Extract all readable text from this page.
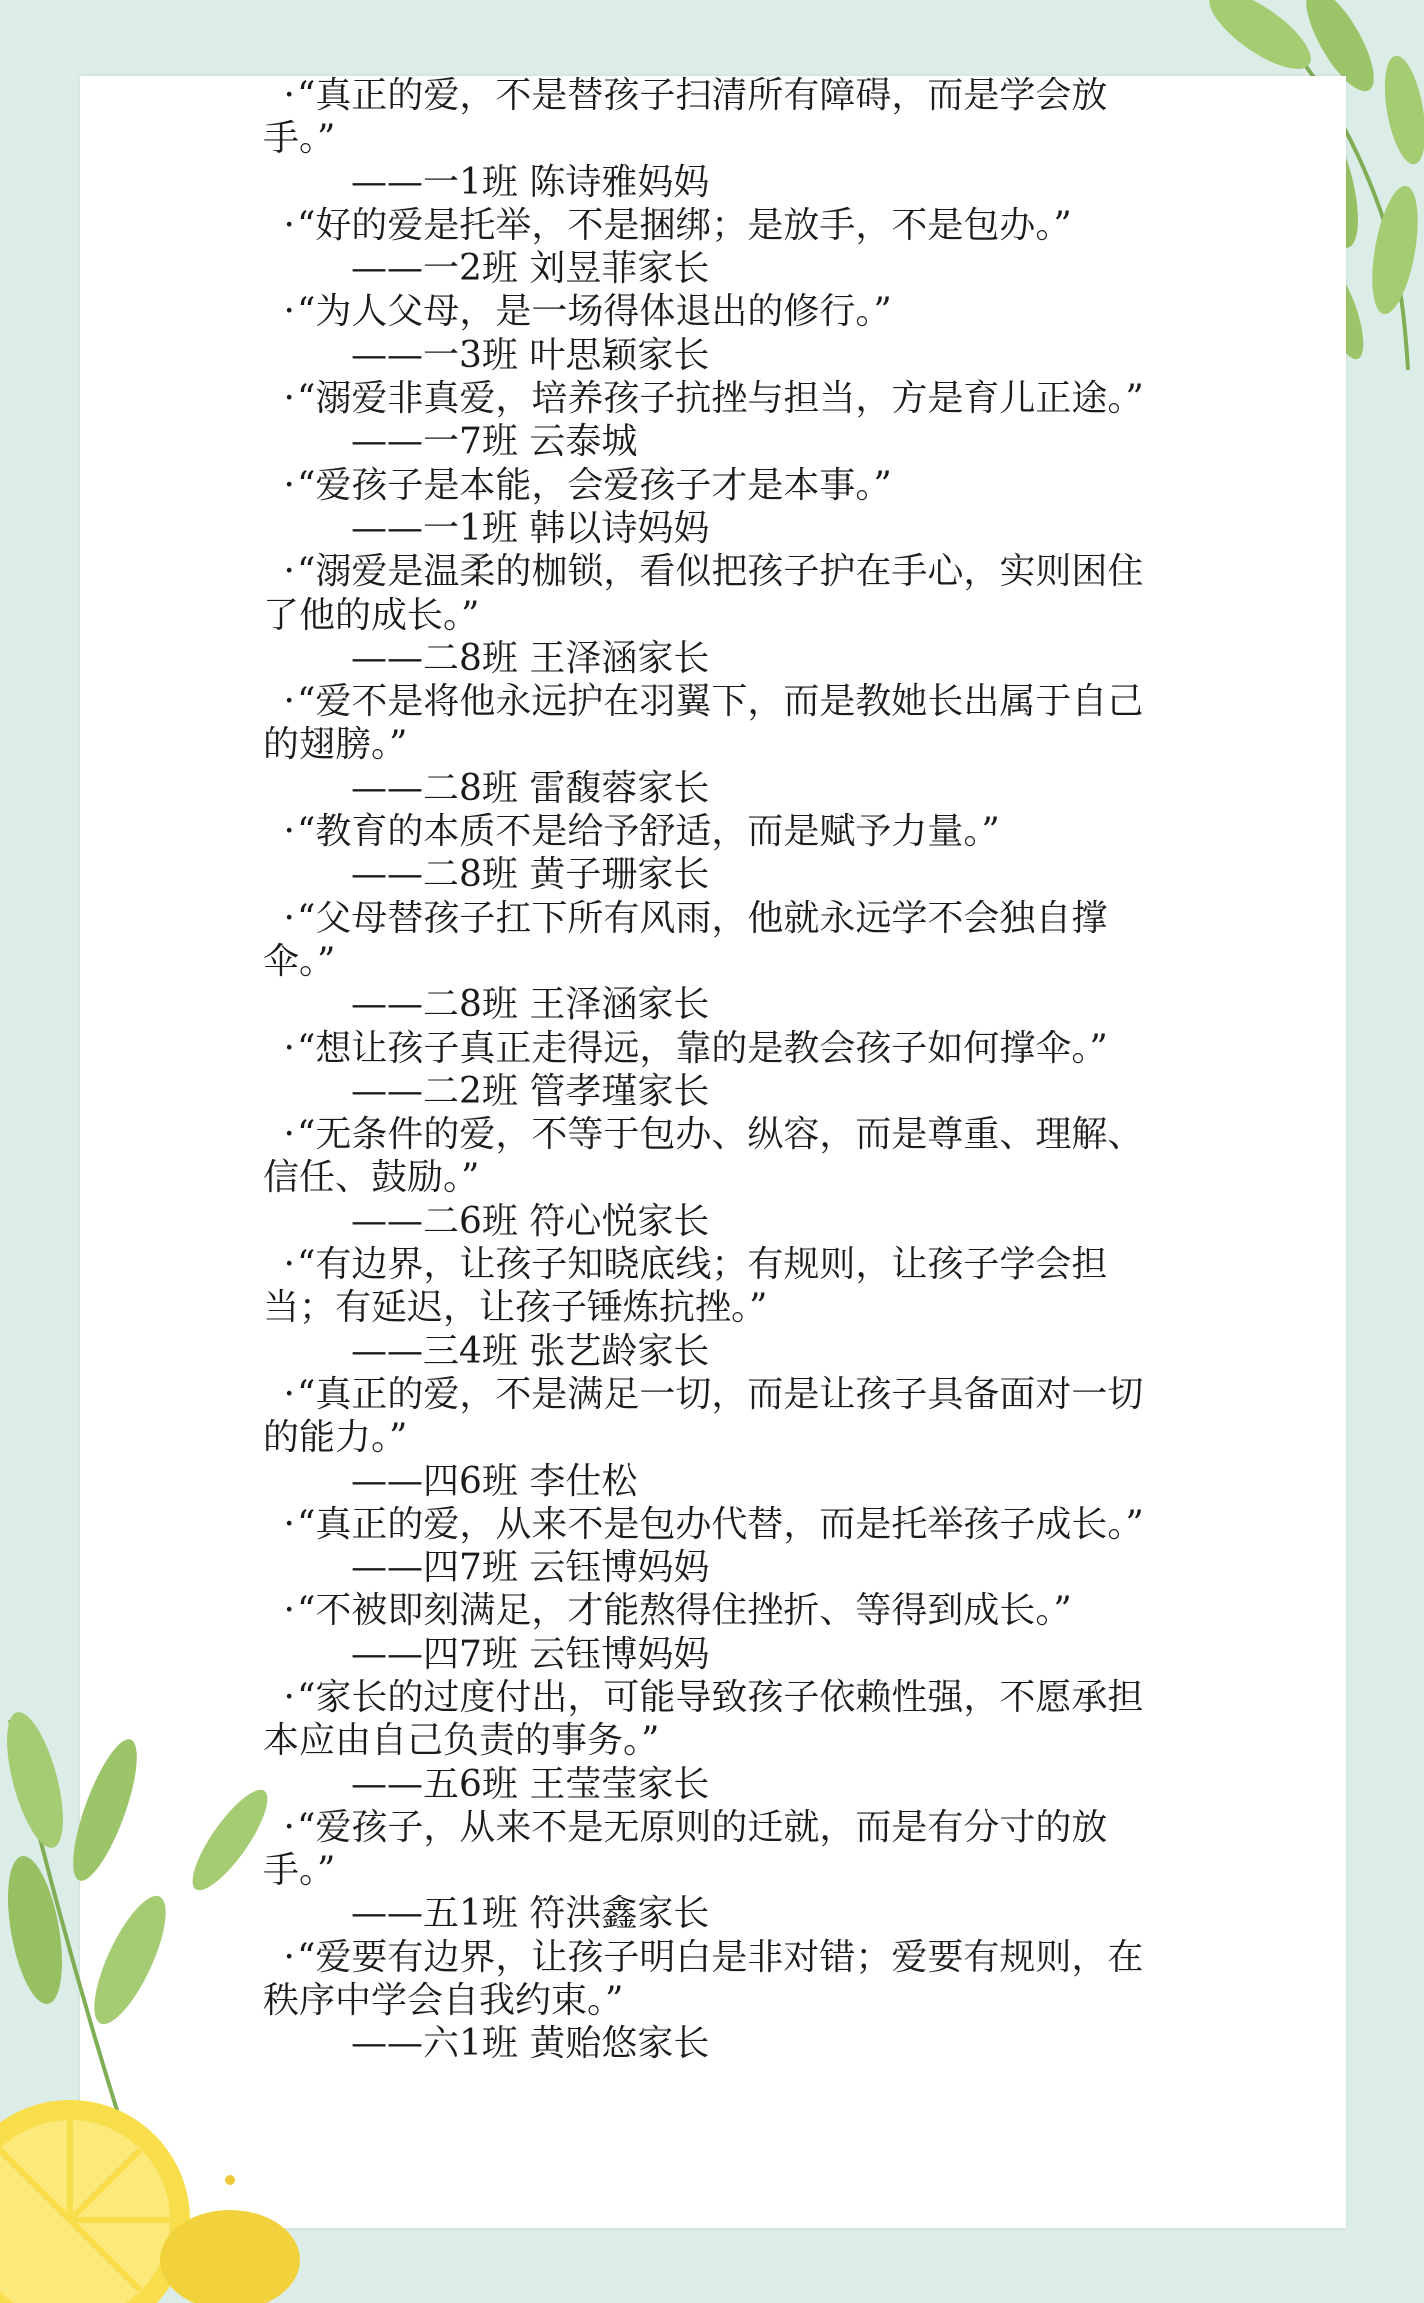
·“真正的爱，不是替孩子扫清所有障碍，而是学会放手。”

——一1班 陈诗雅妈妈

·“好的爱是托举，不是捆绑；是放手，不是包办。”

——一2班 刘昱菲家长

·“为人父母，是一场得体退出的修行。”

——一3班 叶思颖家长

·“溺爱非真爱，培养孩子抗挫与担当，方是育儿正途。”

——一7班 云泰城

·“爱孩子是本能，会爱孩子才是本事。”

——一1班 韩以诗妈妈

·“溺爱是温柔的枷锁，看似把孩子护在手心，实则困住了他的成长。”

——二8班 王泽涵家长

·“爱不是将他永远护在羽翼下，而是教她长出属于自己的翅膀。”

——二8班 雷馥蓉家长

·“教育的本质不是给予舒适，而是赋予力量。”

——二8班 黄子珊家长

·“父母替孩子扛下所有风雨，他就永远学不会独自撑伞。”

——二8班 王泽涵家长

·“想让孩子真正走得远，靠的是教会孩子如何撑伞。”

——二2班 管孝瑾家长

·“无条件的爱，不等于包办、纵容，而是尊重、理解、信任、鼓励。”

——二6班 符心悦家长

·“有边界，让孩子知晓底线；有规则，让孩子学会担当；有延迟，让孩子锤炼抗挫。”

——三4班 张艺龄家长

·“真正的爱，不是满足一切，而是让孩子具备面对一切的能力。”

——四6班 李仕松

·“真正的爱，从来不是包办代替，而是托举孩子成长。”

——四7班 云钰博妈妈

·“不被即刻满足，才能熬得住挫折、等得到成长。”

——四7班 云钰博妈妈

·“家长的过度付出，可能导致孩子依赖性强，不愿承担本应由自己负责的事务。”

——五6班 王莹莹家长

·“爱孩子，从来不是无原则的迁就，而是有分寸的放手。”

——五1班 符洪鑫家长

·“爱要有边界，让孩子明白是非对错；爱要有规则，在秩序中学会自我约束。”

——六1班 黄贻悠家长
